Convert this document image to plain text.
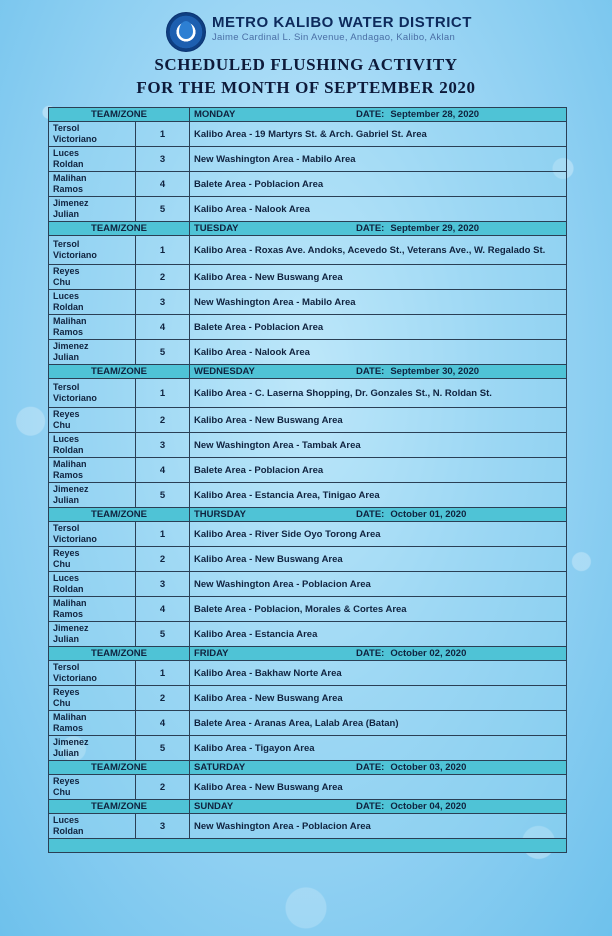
METRO KALIBO WATER DISTRICT
Jaime Cardinal L. Sin Avenue, Andagao, Kalibo, Aklan
SCHEDULED FLUSHING ACTIVITY
FOR THE MONTH OF SEPTEMBER 2020
TEAM/ZONE		MONDAY DATE: September 28, 2020

Tersol
Victoriano	1	Kalibo Area - 19 Martyrs St. & Arch. Gabriel St. Area

Luces
Roldan	3	New Washington Area - Mabilo Area

Malihan
Ramos	4	Balete Area - Poblacion Area

Jimenez
Julian	5	Kalibo Area - Nalook Area
TEAM/ZONE		TUESDAY DATE: September 29, 2020

Tersol
Victoriano	1	Kalibo Area - Roxas Ave. Andoks, Acevedo St., Veterans Ave., W. Regalado St.

Reyes
Chu	2	Kalibo Area - New Buswang Area

Luces
Roldan	3	New Washington Area - Mabilo Area

Malihan
Ramos	4	Balete Area - Poblacion Area

Jimenez
Julian	5	Kalibo Area - Nalook Area
TEAM/ZONE		WEDNESDAY DATE: September 30, 2020

Tersol
Victoriano	1	Kalibo Area - C. Laserna Shopping, Dr. Gonzales St., N. Roldan St.

Reyes
Chu	2	Kalibo Area - New Buswang Area

Luces
Roldan	3	New Washington Area - Tambak Area

Malihan
Ramos	4	Balete Area - Poblacion Area

Jimenez
Julian	5	Kalibo Area - Estancia Area, Tinigao Area
TEAM/ZONE		THURSDAY DATE: October 01, 2020

Tersol
Victoriano	1	Kalibo Area - River Side Oyo Torong Area

Reyes
Chu	2	Kalibo Area - New Buswang Area

Luces
Roldan	3	New Washington Area - Poblacion Area

Malihan
Ramos	4	Balete Area - Poblacion, Morales & Cortes Area

Jimenez
Julian	5	Kalibo Area - Estancia Area
TEAM/ZONE		FRIDAY DATE: October 02, 2020

Tersol
Victoriano	1	Kalibo Area - Bakhaw Norte Area

Reyes
Chu	2	Kalibo Area - New Buswang Area

Malihan
Ramos	4	Balete Area - Aranas Area, Lalab Area (Batan)

Jimenez
Julian	5	Kalibo Area - Tigayon Area
TEAM/ZONE		SATURDAY DATE: October 03, 2020

Reyes
Chu	2	Kalibo Area - New Buswang Area
TEAM/ZONE		SUNDAY DATE: October 04, 2020

Luces
Roldan	3	New Washington Area - Poblacion Area
